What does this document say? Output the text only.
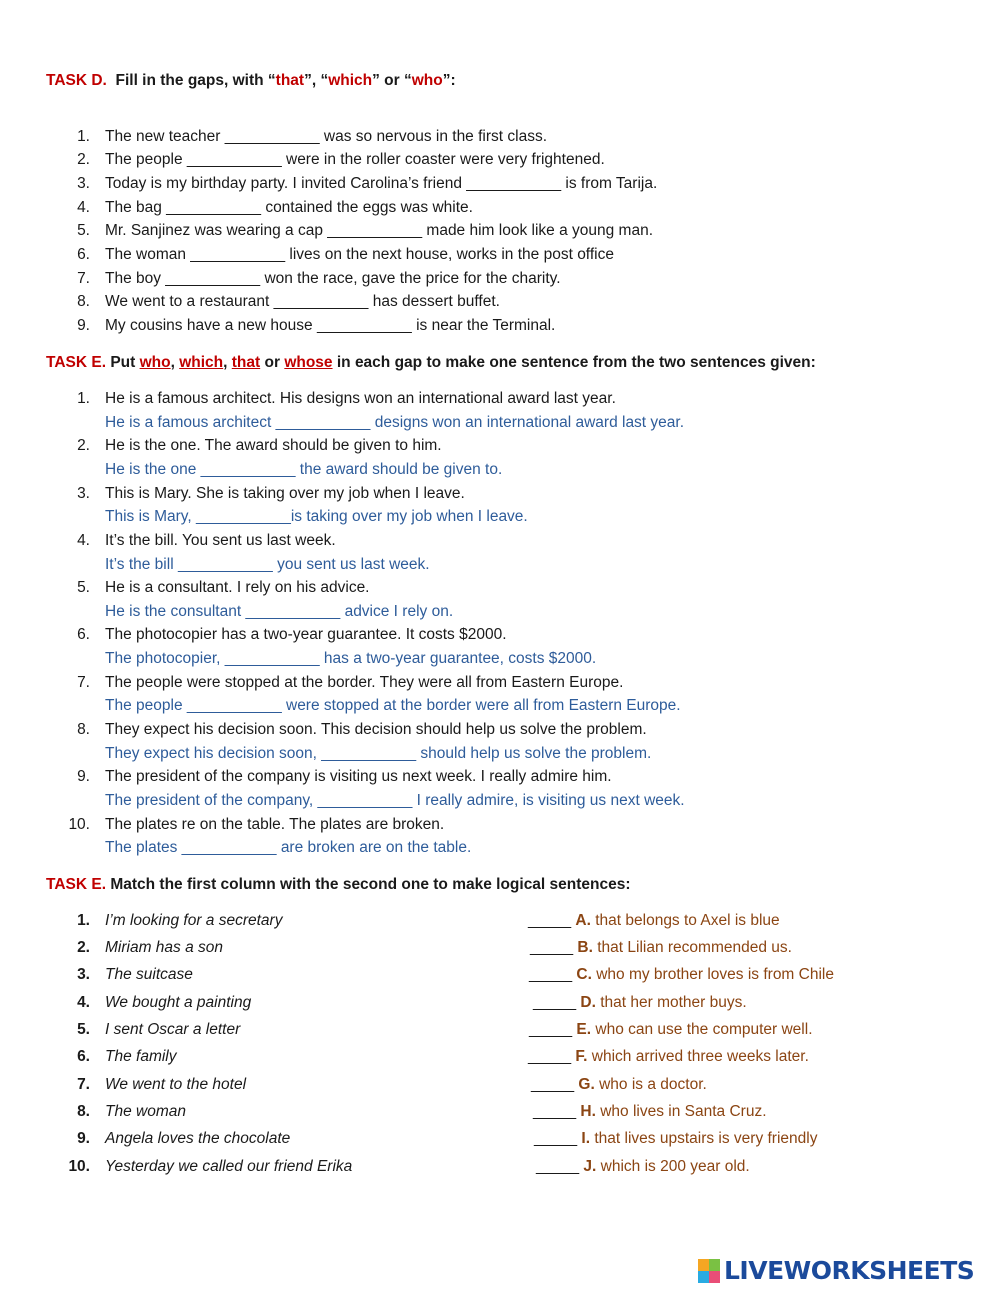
TASK D. Fill in the gaps, with “that”, “which” or “who”:
1. The new teacher ___________ was so nervous in the first class.
2. The people ___________ were in the roller coaster were very frightened.
3. Today is my birthday party. I invited Carolina’s friend ___________ is from Tarija.
4. The bag ___________ contained the eggs was white.
5. Mr. Sanjinez was wearing a cap ___________ made him look like a young man.
6. The woman ___________ lives on the next house, works in the post office
7. The boy ___________ won the race, gave the price for the charity.
8. We went to a restaurant ___________ has dessert buffet.
9. My cousins have a new house ___________ is near the Terminal.
TASK E. Put who, which, that or whose in each gap to make one sentence from the two sentences given:
1. He is a famous architect. His designs won an international award last year.
He is a famous architect ___________ designs won an international award last year.
2. He is the one. The award should be given to him.
He is the one ___________ the award should be given to.
3. This is Mary. She is taking over my job when I leave.
This is Mary, ___________is taking over my job when I leave.
4. It’s the bill. You sent us last week.
It’s the bill ___________ you sent us last week.
5. He is a consultant. I rely on his advice.
He is the consultant ___________ advice I rely on.
6. The photocopier has a two-year guarantee. It costs $2000.
The photocopier, ___________ has a two-year guarantee, costs $2000.
7. The people were stopped at the border. They were all from Eastern Europe.
The people ___________ were stopped at the border were all from Eastern Europe.
8. They expect his decision soon. This decision should help us solve the problem.
They expect his decision soon, ___________ should help us solve the problem.
9. The president of the company is visiting us next week. I really admire him.
The president of the company, ___________ I really admire, is visiting us next week.
10. The plates re on the table. The plates are broken.
The plates ___________ are broken are on the table.
TASK E. Match the first column with the second one to make logical sentences:
1. I’m looking for a secretary
2. Miriam has a son
3. The suitcase
4. We bought a painting
5. I sent Oscar a letter
6. The family
7. We went to the hotel
8. The woman
9. Angela loves the chocolate
10. Yesterday we called our friend Erika
_____ A. that belongs to Axel is blue
_____ B. that Lilian recommended us.
_____ C. who my brother loves is from Chile
_____ D. that her mother buys.
_____ E. who can use the computer well.
_____ F. which arrived three weeks later.
_____ G. who is a doctor.
_____ H. who lives in Santa Cruz.
_____ I. that lives upstairs is very friendly
_____ J. which is 200 year old.
LIVEWORKSHEETS
